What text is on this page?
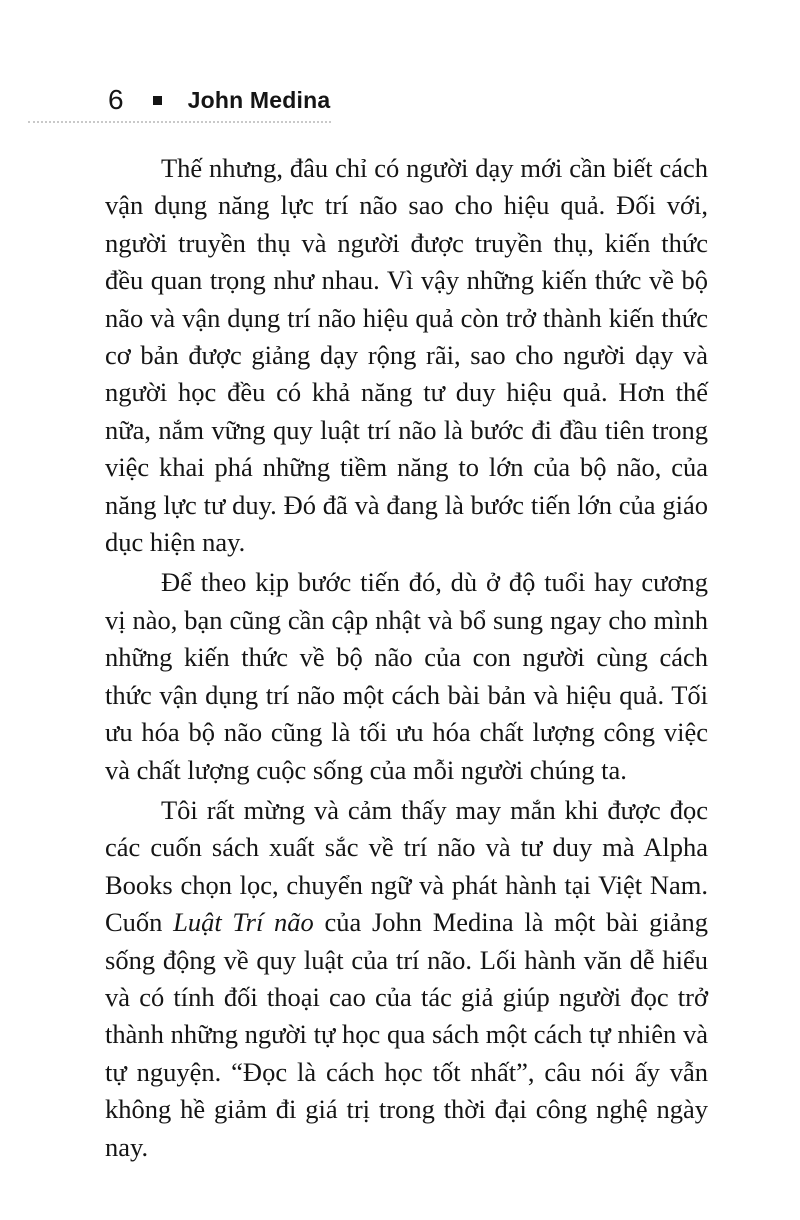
6	John Medina

Thế nhưng, đâu chỉ có người dạy mới cần biết cách vận dụng năng lực trí não sao cho hiệu quả. Đối với, người truyền thụ và người được truyền thụ, kiến thức đều quan trọng như nhau. Vì vậy những kiến thức về bộ não và vận dụng trí não hiệu quả còn trở thành kiến thức cơ bản được giảng dạy rộng rãi, sao cho người dạy và người học đều có khả năng tư duy hiệu quả. Hơn thế nữa, nắm vững quy luật trí não là bước đi đầu tiên trong việc khai phá những tiềm năng to lớn của bộ não, của năng lực tư duy. Đó đã và đang là bước tiến lớn của giáo dục hiện nay.

Để theo kịp bước tiến đó, dù ở độ tuổi hay cương vị nào, bạn cũng cần cập nhật và bổ sung ngay cho mình những kiến thức về bộ não của con người cùng cách thức vận dụng trí não một cách bài bản và hiệu quả. Tối ưu hóa bộ não cũng là tối ưu hóa chất lượng công việc và chất lượng cuộc sống của mỗi người chúng ta.

Tôi rất mừng và cảm thấy may mắn khi được đọc các cuốn sách xuất sắc về trí não và tư duy mà Alpha Books chọn lọc, chuyển ngữ và phát hành tại Việt Nam. Cuốn Luật Trí não của John Medina là một bài giảng sống động về quy luật của trí não. Lối hành văn dễ hiểu và có tính đối thoại cao của tác giả giúp người đọc trở thành những người tự học qua sách một cách tự nhiên và tự nguyện. “Đọc là cách học tốt nhất”, câu nói ấy vẫn không hề giảm đi giá trị trong thời đại công nghệ ngày nay.
